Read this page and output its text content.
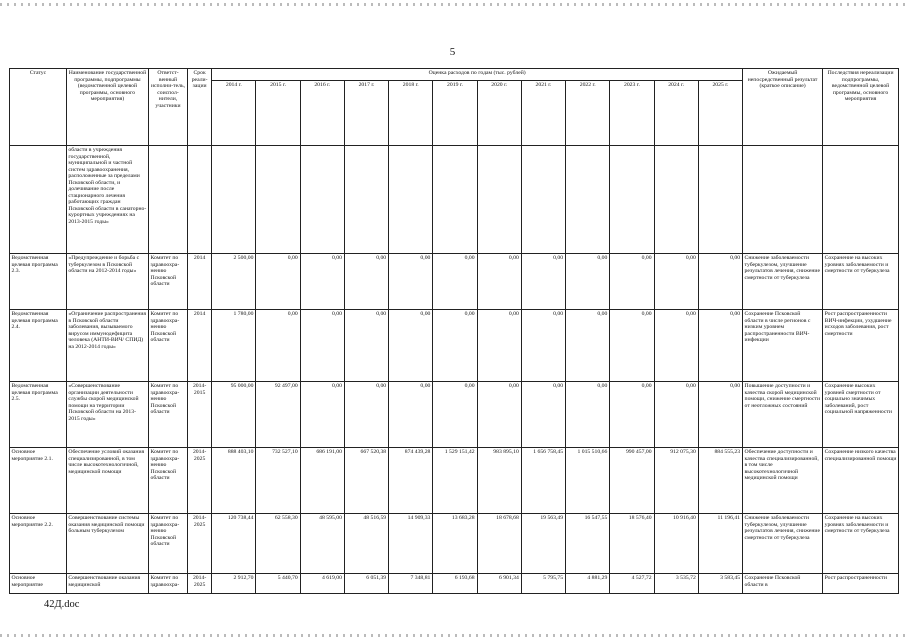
5
Статус	Наименование государственной программы, подпрограммы (ведомственной целевой программы, основного мероприятия)	Ответст-венный исполни-тель, соиспол-нители, участники	Срок реали-зации	Оценка расходов по годам (тыс. рублей)												Ожидаемый непосредственный результат (краткое описание)	Последствия нереализации подпрограммы, ведомственной целевой программы, основного мероприятия
				2014 г.	2015 г.	2016 г.	2017 г.	2018 г.	2019 г.	2020 г.	2021 г.	2022 г.	2023 г.	2024 г.	2025 г.		
	области в учреждения государственной, муниципальной и частной систем здравоохранения, расположенные за пределами Псковской области, и долечивание после стационарного лечения работающих граждан Псковской области в санаторно-курортных учреждениях на 2013-2015 годы»																
Ведомственная целевая программа 2.3.	«Предупреждение и борьба с туберкулезом в Псковской области на 2012-2014 годы»	Комитет по здравоохра-нению Псковской области	2014	2 500,00	0,00	0,00	0,00	0,00	0,00	0,00	0,00	0,00	0,00	0,00	0,00	Снижение заболеваемости туберкулезом, улучшение результатов лечения, снижение смертности от туберкулеза	Сохранение на высоких уровнях заболеваемости и смертности от туберкулеза
Ведомственная целевая программа 2.4.	«Ограничение распространения в Псковской области заболевания, вызываемого вирусом иммунодефицита человека (АНТИ-ВИЧ/ СПИД) на 2012-2014 годы»	Комитет по здравоохра-нению Псковской области	2014	1 780,00	0,00	0,00	0,00	0,00	0,00	0,00	0,00	0,00	0,00	0,00	0,00	Сохранение Псковской области в числе регионов с низким уровнем распространенности ВИЧ-инфекции	Рост распространенности ВИЧ-инфекции, ухудшение исходов заболевания, рост смертности
Ведомственная целевая программа 2.5.	«Совершенствование организации деятельности службы скорой медицинской помощи на территории Псковской области на 2013-2015 годы»	Комитет по здравоохра-нению Псковской области	2014-2015	95 000,00	92 497,00	0,00	0,00	0,00	0,00	0,00	0,00	0,00	0,00	0,00	0,00	Повышение доступности и качества скорой медицинской помощи, снижение смертности от неотложных состояний	Сохранение высоких уровней смертности от социально значимых заболеваний, рост социальной напряженности
Основное мероприятие 2.1.	Обеспечение условий оказания специализированной, в том числе высокотехнологичной, медицинской помощи	Комитет по здравоохра-нению Псковской области	2014-2025	888 403,10	732 527,10	686 191,00	667 520,38	874 439,28	1 529 151,42	983 895,10	1 656 758,45	1 015 510,66	990 457,00	912 075,30	884 555,23	Обеспечение доступности и качества специализированной, в том числе высокотехнологичной медицинской помощи	Сохранение низкого качества специализированной помощи
Основное мероприятие 2.2.	Совершенствование системы оказания медицинской помощи больным туберкулезом	Комитет по здравоохра-нению Псковской области	2014-2025	120 738,44	62 558,30	48 595,00	48 516,59	14 909,33	13 683,28	18 678,68	19 563,49	16 547,55	18 576,40	10 916,40	11 196,41	Снижение заболеваемости туберкулезом, улучшение результатов лечения, снижение смертности от туберкулеза	Сохранение на высоких уровнях заболеваемости и смертности от туберкулеза
Основное мероприятие	Совершенствование оказания медицинской	Комитет по здравоохра-	2014-2025	2 912,70	5 440,70	4 619,00	6 051,39	7 348,81	6 193,68	6 901,34	5 795,75	4 881,29	4 527,72	3 535,72	3 583,45	Сохранение Псковской области в	Рост распространенности
42Д.doc
